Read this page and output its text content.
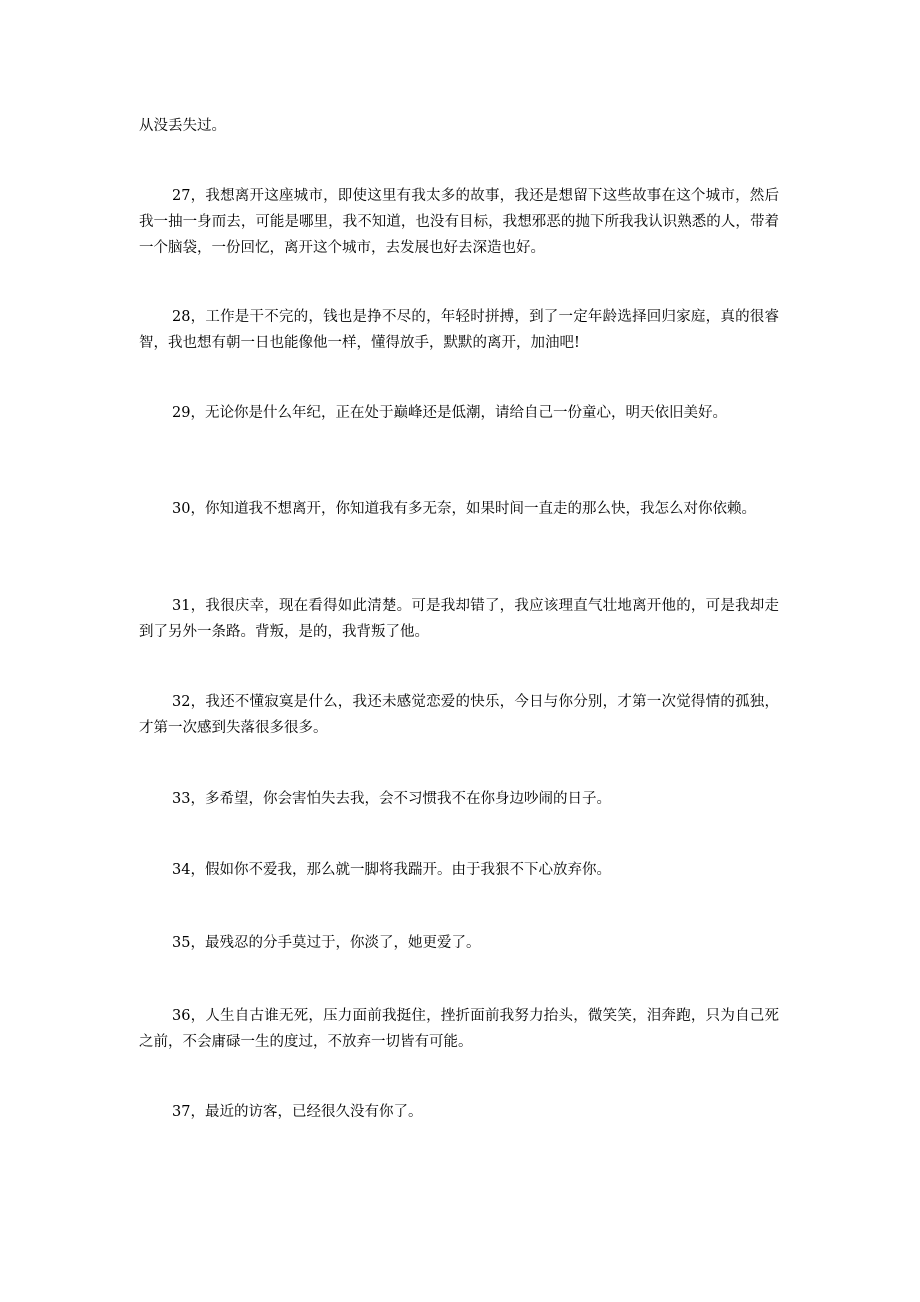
从没丢失过。

27，我想离开这座城市，即使这里有我太多的故事，我还是想留下这些故事在这个城市，然后我一抽一身而去，可能是哪里，我不知道，也没有目标，我想邪恶的抛下所我我认识熟悉的人，带着一个脑袋，一份回忆，离开这个城市，去发展也好去深造也好。

28，工作是干不完的，钱也是挣不尽的，年轻时拼搏，到了一定年龄选择回归家庭，真的很睿智，我也想有朝一日也能像他一样，懂得放手，默默的离开，加油吧!

29，无论你是什么年纪，正在处于巅峰还是低潮，请给自己一份童心，明天依旧美好。

30，你知道我不想离开，你知道我有多无奈，如果时间一直走的那么快，我怎么对你依赖。

31，我很庆幸，现在看得如此清楚。可是我却错了，我应该理直气壮地离开他的，可是我却走到了另外一条路。背叛，是的，我背叛了他。

32，我还不懂寂寞是什么，我还未感觉恋爱的快乐，今日与你分别，才第一次觉得情的孤独，才第一次感到失落很多很多。

33，多希望，你会害怕失去我，会不习惯我不在你身边吵闹的日子。

34，假如你不爱我，那么就一脚将我踹开。由于我狠不下心放弃你。

35，最残忍的分手莫过于，你淡了，她更爱了。

36，人生自古谁无死，压力面前我挺住，挫折面前我努力抬头，微笑笑，泪奔跑，只为自己死之前，不会庸碌一生的度过，不放弃一切皆有可能。

37，最近的访客，已经很久没有你了。
